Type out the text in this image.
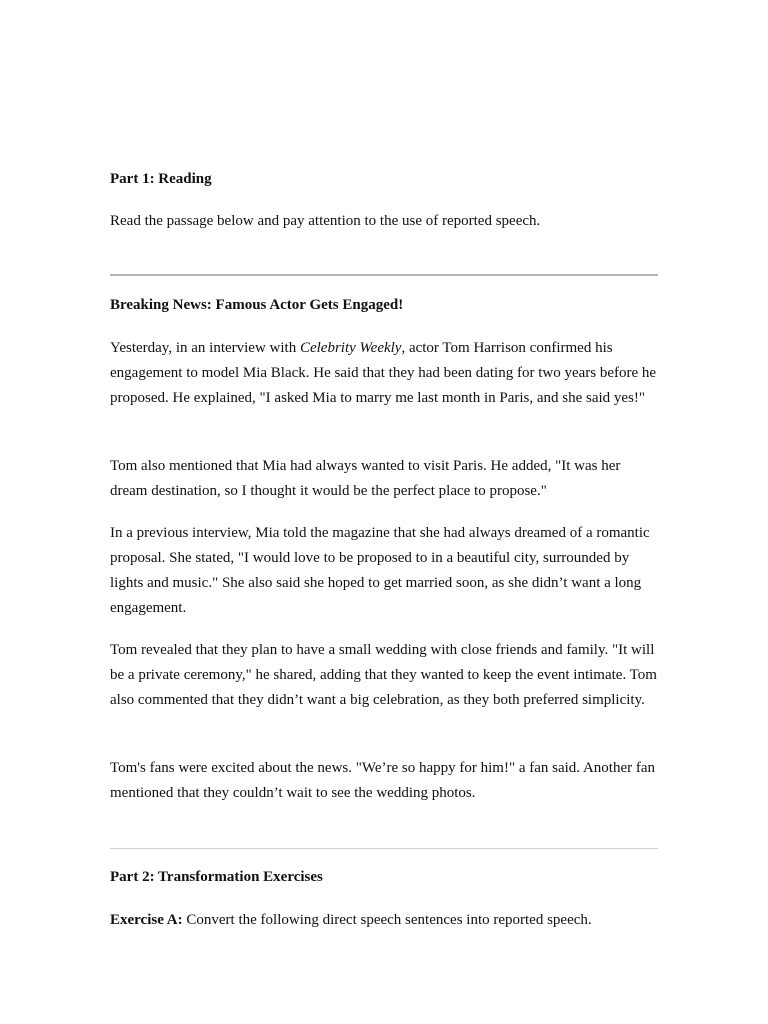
Part 1: Reading

Read the passage below and pay attention to the use of reported speech.

Breaking News: Famous Actor Gets Engaged!

Yesterday, in an interview with Celebrity Weekly, actor Tom Harrison confirmed his engagement to model Mia Black. He said that they had been dating for two years before he proposed. He explained, "I asked Mia to marry me last month in Paris, and she said yes!"

Tom also mentioned that Mia had always wanted to visit Paris. He added, "It was her dream destination, so I thought it would be the perfect place to propose."

In a previous interview, Mia told the magazine that she had always dreamed of a romantic proposal. She stated, "I would love to be proposed to in a beautiful city, surrounded by lights and music." She also said she hoped to get married soon, as she didn’t want a long engagement.

Tom revealed that they plan to have a small wedding with close friends and family. "It will be a private ceremony," he shared, adding that they wanted to keep the event intimate. Tom also commented that they didn’t want a big celebration, as they both preferred simplicity.

Tom's fans were excited about the news. "We’re so happy for him!" a fan said. Another fan mentioned that they couldn’t wait to see the wedding photos.

Part 2: Transformation Exercises

Exercise A: Convert the following direct speech sentences into reported speech.
